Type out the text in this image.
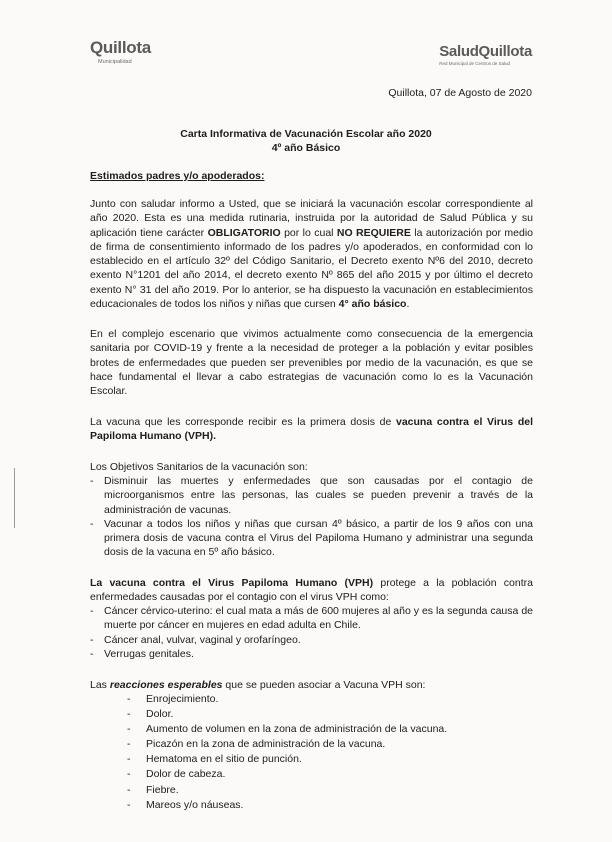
Quillota
Municipalidad
SaludQuillota
Red Municipal de Centros de Salud
Quillota, 07 de Agosto de 2020
Carta Informativa de Vacunación Escolar año 2020
4º año Básico
Estimados padres y/o apoderados:

Junto con saludar informo a Usted, que se iniciará la vacunación escolar correspondiente al año 2020. Esta es una medida rutinaria, instruida por la autoridad de Salud Pública y su aplicación tiene carácter OBLIGATORIO por lo cual NO REQUIERE la autorización por medio de firma de consentimiento informado de los padres y/o apoderados, en conformidad con lo establecido en el artículo 32º del Código Sanitario, el Decreto exento Nº6 del 2010, decreto exento N°1201 del año 2014, el decreto exento Nº 865 del año 2015 y por último el decreto exento N° 31 del año 2019. Por lo anterior, se ha dispuesto la vacunación en establecimientos educacionales de todos los niños y niñas que cursen 4° año básico.

En el complejo escenario que vivimos actualmente como consecuencia de la emergencia sanitaria por COVID-19 y frente a la necesidad de proteger a la población y evitar posibles brotes de enfermedades que pueden ser prevenibles por medio de la vacunación, es que se hace fundamental el llevar a cabo estrategias de vacunación como lo es la Vacunación Escolar.

La vacuna que les corresponde recibir es la primera dosis de vacuna contra el Virus del Papiloma Humano (VPH).

Los Objetivos Sanitarios de la vacunación son:

- Disminuir las muertes y enfermedades que son causadas por el contagio de microorganismos entre las personas, las cuales se pueden prevenir a través de la administración de vacunas.
- Vacunar a todos los niños y niñas que cursan 4º básico, a partir de los 9 años con una primera dosis de vacuna contra el Virus del Papiloma Humano y administrar una segunda dosis de la vacuna en 5º año básico.

La vacuna contra el Virus Papiloma Humano (VPH) protege a la población contra enfermedades causadas por el contagio con el virus VPH como:

- Cáncer cérvico-uterino: el cual mata a más de 600 mujeres al año y es la segunda causa de muerte por cáncer en mujeres en edad adulta en Chile.
- Cáncer anal, vulvar, vaginal y orofaríngeo.
- Verrugas genitales.

Las reacciones esperables que se pueden asociar a Vacuna VPH son:

- Enrojecimiento.
- Dolor.
- Aumento de volumen en la zona de administración de la vacuna.
- Picazón en la zona de administración de la vacuna.
- Hematoma en el sitio de punción.
- Dolor de cabeza.
- Fiebre.
- Mareos y/o náuseas.
